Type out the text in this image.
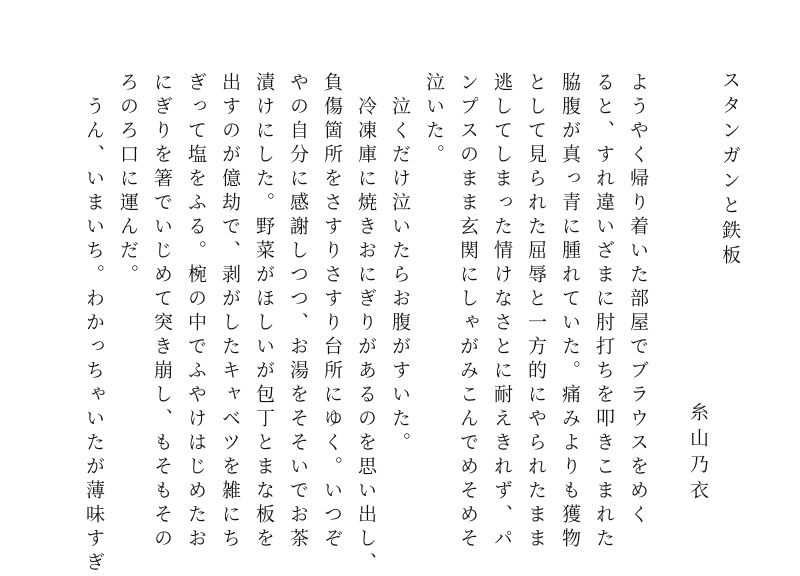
スタンガンと鉄板
糸山乃衣
ようやく帰り着いた部屋でブラウスをめく
ると、すれ違いざまに肘打ちを叩きこまれた
脇腹が真っ青に腫れていた。痛みよりも獲物
として見られた屈辱と一方的にやられたまま
逃してしまった情けなさとに耐えきれず、パ
ンプスのまま玄関にしゃがみこんでめそめそ
泣いた。
　泣くだけ泣いたらお腹がすいた。
　冷凍庫に焼きおにぎりがあるのを思い出し、
負傷箇所をさすりさすり台所にゆく。いつぞ
やの自分に感謝しつつ、お湯をそそいでお茶
漬けにした。野菜がほしいが包丁とまな板を
出すのが億劫で、剥がしたキャベツを雑にち
ぎって塩をふる。椀の中でふやけはじめたお
にぎりを箸でいじめて突き崩し、もそもその
ろのろ口に運んだ。
　うん、いまいち。わかっちゃいたが薄味すぎ
